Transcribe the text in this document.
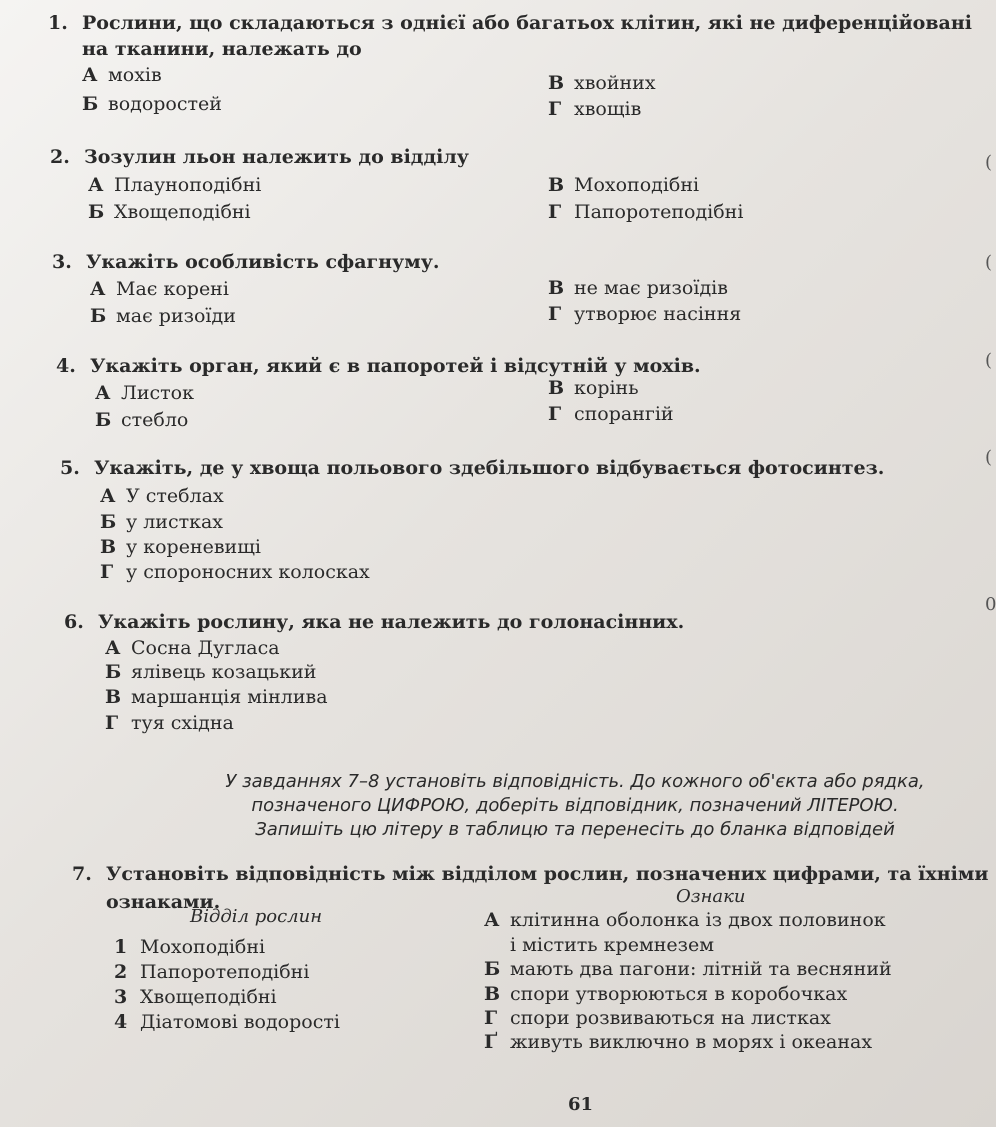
1. Рослини, що складаються з однієї або багатьох клітин, які не диференційовані
на тканини, належать до
А мохів
Б водоростей
В хвойних
Г хвощів
2. Зозулин льон належить до відділу
А Плауноподібні
Б Хвощеподібні
В Мохоподібні
Г Папоротеподібні
3. Укажіть особливість сфагнуму.
А Має корені
Б має ризоїди
В не має ризоїдів
Г утворює насіння
4. Укажіть орган, який є в папоротей і відсутній у мохів.
А Листок
Б стебло
В корінь
Г спорангій
5. Укажіть, де у хвоща польового здебільшого відбувається фотосинтез.
А У стеблах
Б у листках
В у кореневищі
Г у спороносних колосках
6. Укажіть рослину, яка не належить до голонасінних.
А Сосна Дугласа
Б ялівець козацький
В маршанція мінлива
Г туя східна
У завданнях 7–8 установіть відповідність. До кожного об'єкта або рядка,
позначеного ЦИФРОЮ, доберіть відповідник, позначений ЛІТЕРОЮ.
Запишіть цю літеру в таблицю та перенесіть до бланка відповідей
7. Установіть відповідність між відділом рослин, позначених цифрами, та їхніми
ознаками.
Відділ рослин
Ознаки
1 Мохоподібні
2 Папоротеподібні
3 Хвощеподібні
4 Діатомові водорості
А клітинна оболонка із двох половинок
і містить кремнезем
Б мають два пагони: літній та весняний
В спори утворюються в коробочках
Г спори розвиваються на листках
Ґ живуть виключно в морях і океанах
61
(
(
(
(
0
